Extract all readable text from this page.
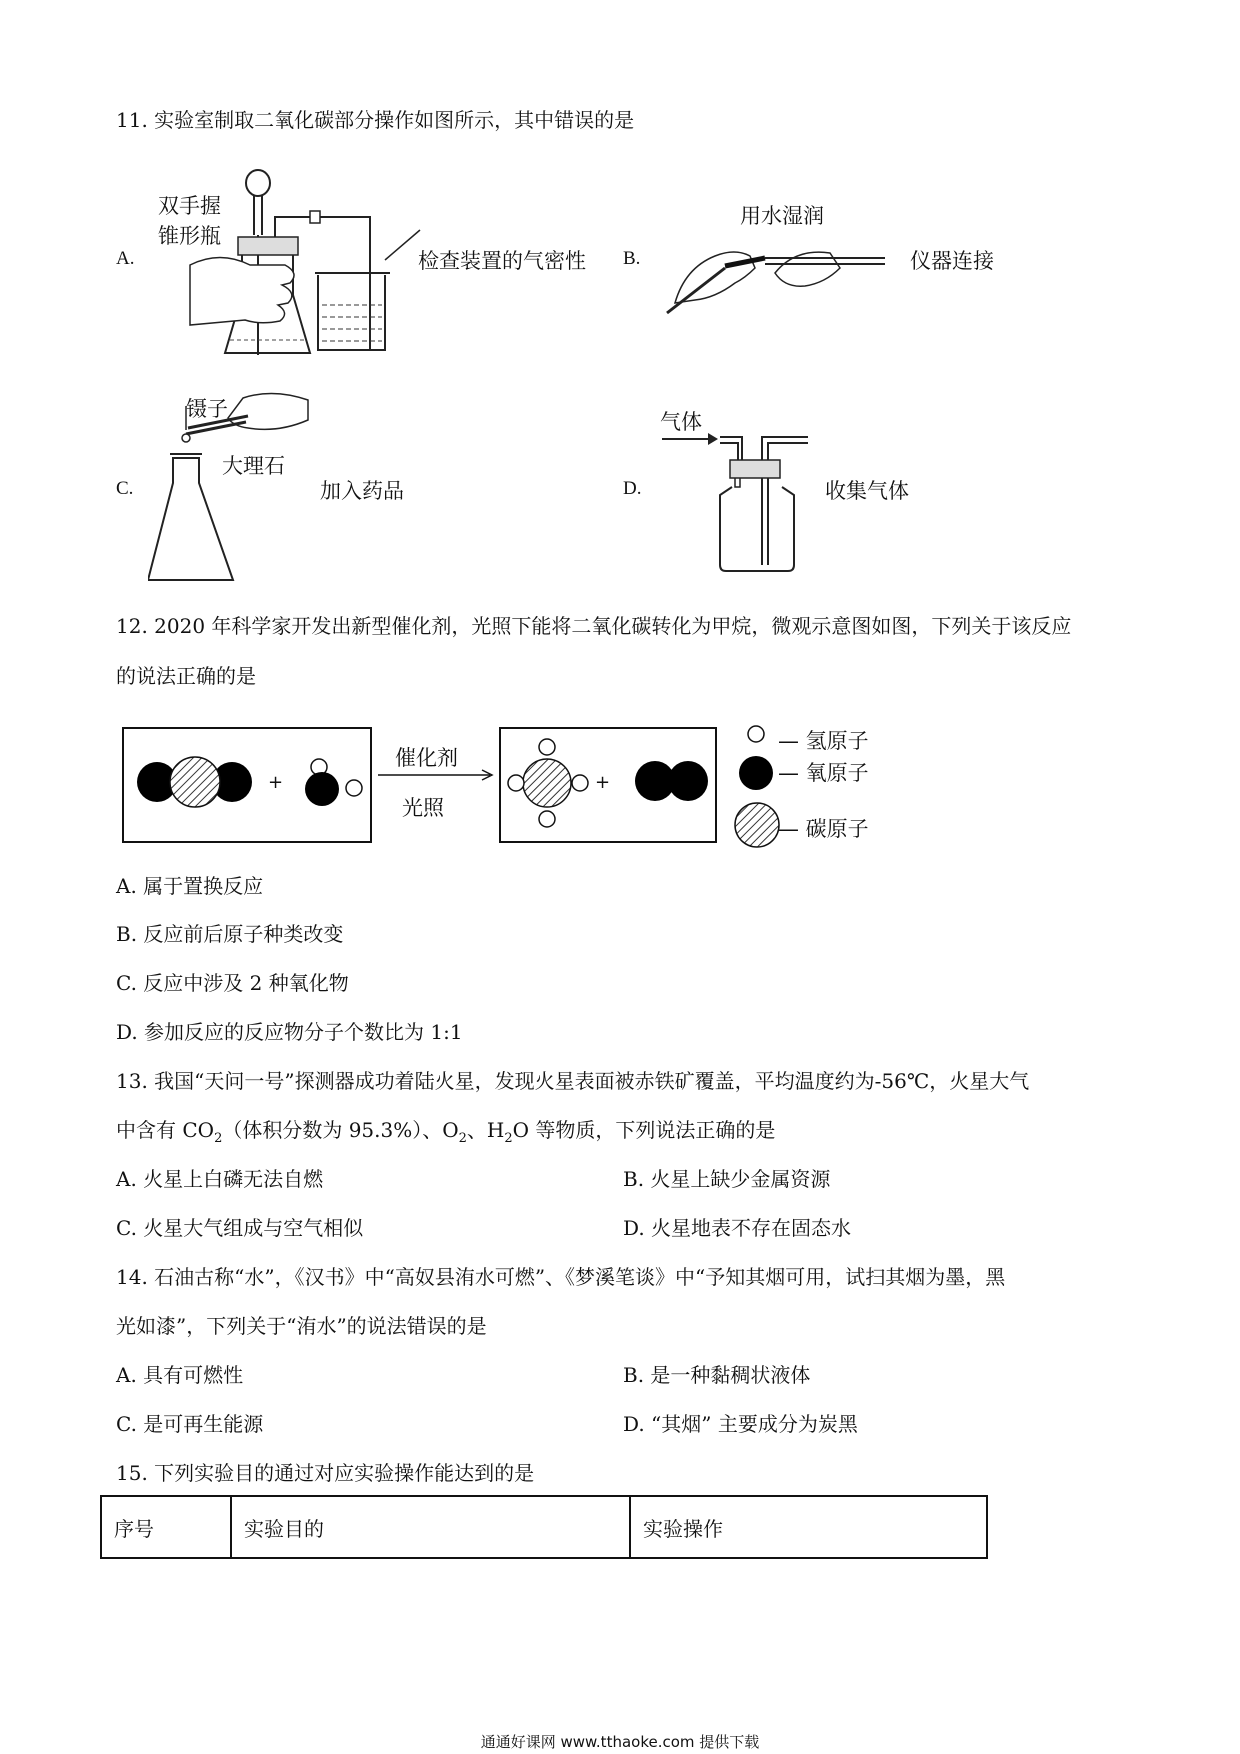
11. 实验室制取二氧化碳部分操作如图所示，其中错误的是
A.
双手握
锥形瓶
检查装置的气密性 B.
用水湿润
仪器连接
C.
镊子
大理石
加入药品	D.
气体
收集气体
12. 2020 年科学家开发出新型催化剂，光照下能将二氧化碳转化为甲烷，微观示意图如图，下列关于该反应
的说法正确的是
+	+
催化剂
光照
— 氢原子
— 氧原子
— 碳原子
A. 属于置换反应
B. 反应前后原子种类改变
C. 反应中涉及 2 种氧化物
D. 参加反应的反应物分子个数比为 1:1
13. 我国“天问一号”探测器成功着陆火星，发现火星表面被赤铁矿覆盖，平均温度约为-56℃，火星大气
中含有 $CO_2$（体积分数为 95.3%）、$O_2$、$H_2O$ 等物质，下列说法正确的是
A. 火星上白磷无法自燃	B. 火星上缺少金属资源
C. 火星大气组成与空气相似	D. 火星地表不存在固态水
14. 石油古称“水”，《汉书》中“高奴县洧水可燃”、《梦溪笔谈》中“予知其烟可用，试扫其烟为墨，黑
光如漆”，下列关于“洧水”的说法错误的是
A. 具有可燃性	B. 是一种黏稠状液体
C. 是可再生能源	D. “其烟” 主要成分为炭黑
15. 下列实验目的通过对应实验操作能达到的是
序号	实验目的	实验操作
通通好课网 www.tthaoke.com 提供下载
